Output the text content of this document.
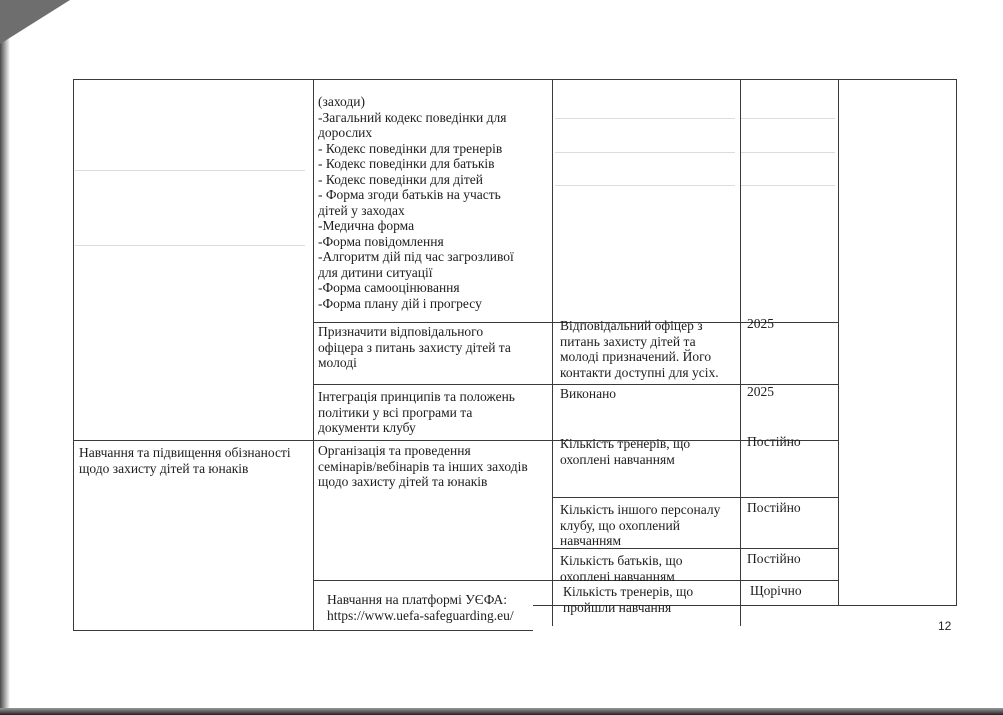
(заходи)
-Загальний кодекс поведінки для
дорослих
- Кодекс поведінки для тренерів
- Кодекс поведінки для батьків
- Кодекс поведінки для дітей
- Форма згоди батьків на участь
дітей у заходах
-Медична форма
-Форма повідомлення
-Алгоритм дій під час загрозливої
для дитини ситуації
-Форма самооцінювання
-Форма плану дій і прогресу

Призначити відповідального
офіцера з питань захисту дітей та
молоді

Відповідальний офіцер з
питань захисту дітей та
молоді призначений. Його
контакти доступні для усіх.

2025

Інтеграція принципів та положень
політики у всі програми та
документи клубу

Виконано	2025

Навчання та підвищення обізнаності
щодо захисту дітей та юнаків

Організація та проведення
семінарів/вебінарів та інших заходів
щодо захисту дітей та юнаків

Кількість тренерів, що
охоплені навчанням

Постійно

Кількість іншого персоналу
клубу, що охоплений
навчанням

Постійно

Кількість батьків, що
охоплені навчанням

Постійно

Навчання на платформі УЄФА:
https://www.uefa-safeguarding.eu/

Кількість тренерів, що
пройшли навчання

Щорічно

12
